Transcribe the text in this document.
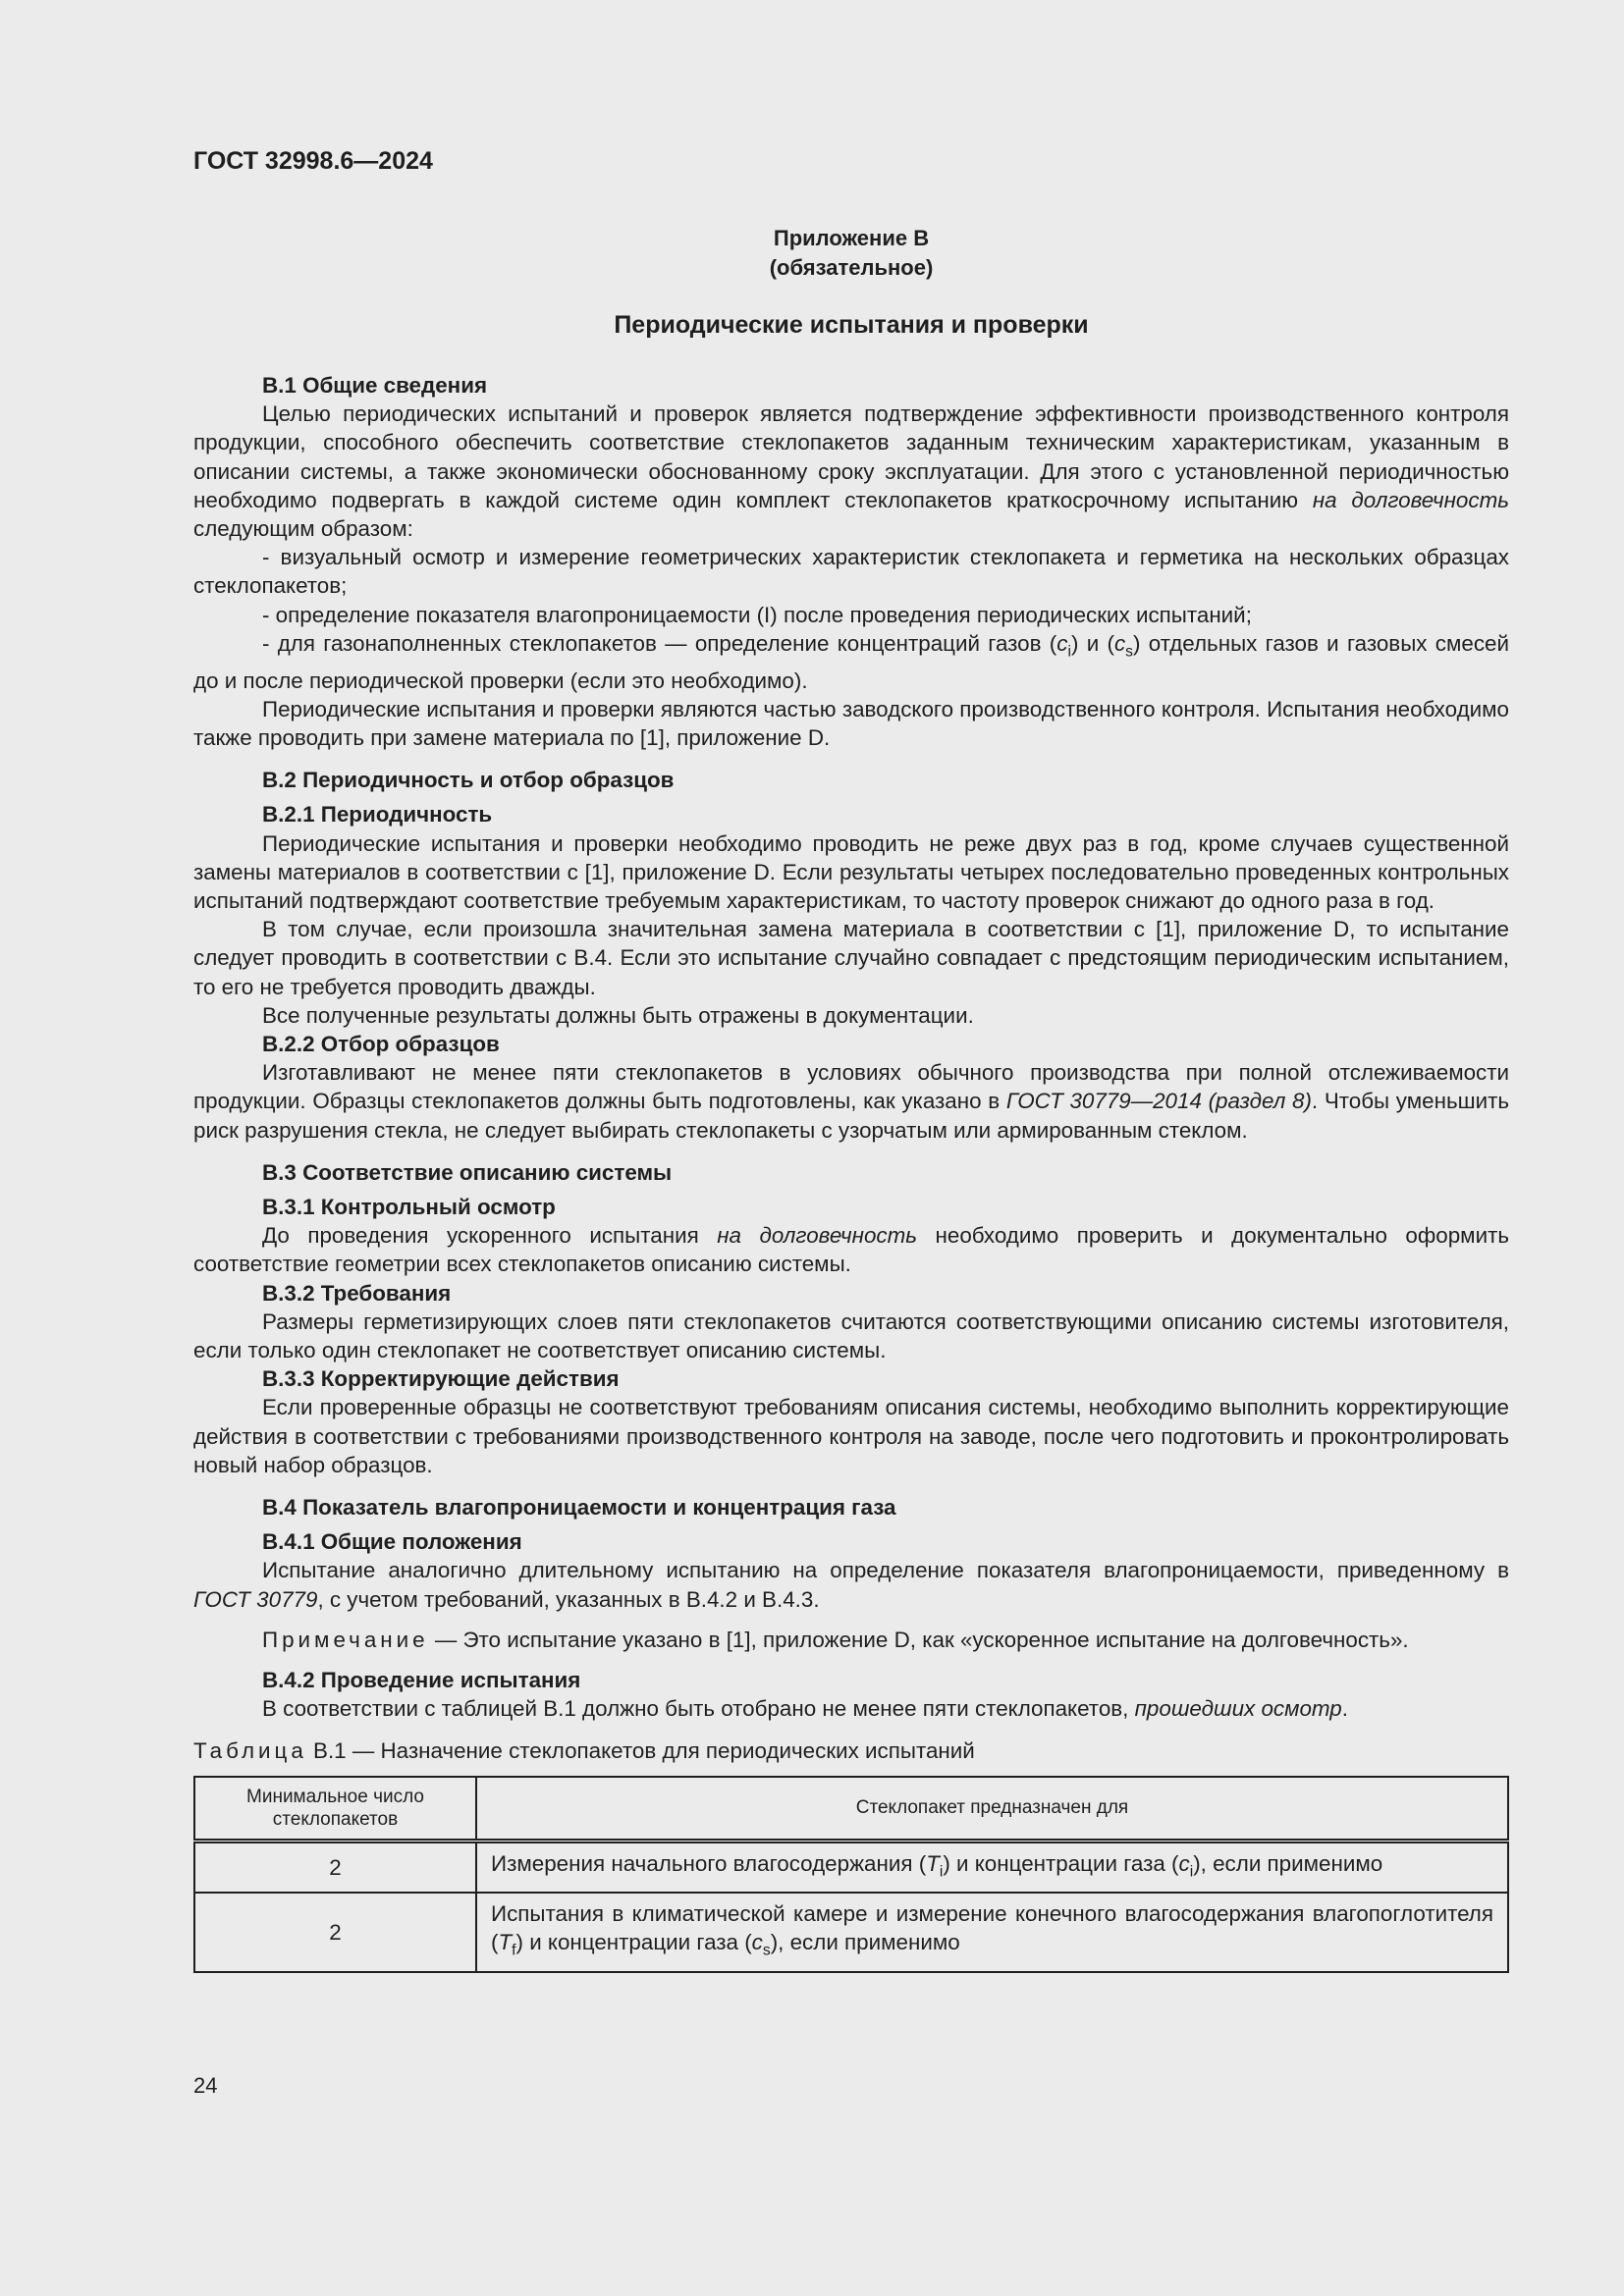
ГОСТ 32998.6—2024
Приложение В
(обязательное)
Периодические испытания и проверки
В.1 Общие сведения

Целью периодических испытаний и проверок является подтверждение эффективности производственного контроля продукции, способного обеспечить соответствие стеклопакетов заданным техническим характеристикам, указанным в описании системы, а также экономически обоснованному сроку эксплуатации. Для этого с установленной периодичностью необходимо подвергать в каждой системе один комплект стеклопакетов краткосрочному испытанию на долговечность следующим образом:

- визуальный осмотр и измерение геометрических характеристик стеклопакета и герметика на нескольких образцах стеклопакетов;

- определение показателя влагопроницаемости (I) после проведения периодических испытаний;

- для газонаполненных стеклопакетов — определение концентраций газов $(c_i)$ и $(c_s)$ отдельных газов и газовых смесей до и после периодической проверки (если это необходимо).

Периодические испытания и проверки являются частью заводского производственного контроля. Испытания необходимо также проводить при замене материала по [1], приложение D.

В.2 Периодичность и отбор образцов
В.2.1 Периодичность

Периодические испытания и проверки необходимо проводить не реже двух раз в год, кроме случаев существенной замены материалов в соответствии с [1], приложение D. Если результаты четырех последовательно проведенных контрольных испытаний подтверждают соответствие требуемым характеристикам, то частоту проверок снижают до одного раза в год.

В том случае, если произошла значительная замена материала в соответствии с [1], приложение D, то испытание следует проводить в соответствии с В.4. Если это испытание случайно совпадает с предстоящим периодическим испытанием, то его не требуется проводить дважды.

Все полученные результаты должны быть отражены в документации.

В.2.2 Отбор образцов

Изготавливают не менее пяти стеклопакетов в условиях обычного производства при полной отслеживаемости продукции. Образцы стеклопакетов должны быть подготовлены, как указано в ГОСТ 30779—2014 (раздел 8). Чтобы уменьшить риск разрушения стекла, не следует выбирать стеклопакеты с узорчатым или армированным стеклом.

В.3 Соответствие описанию системы
В.3.1 Контрольный осмотр

До проведения ускоренного испытания на долговечность необходимо проверить и документально оформить соответствие геометрии всех стеклопакетов описанию системы.

В.3.2 Требования

Размеры герметизирующих слоев пяти стеклопакетов считаются соответствующими описанию системы изготовителя, если только один стеклопакет не соответствует описанию системы.

В.3.3 Корректирующие действия

Если проверенные образцы не соответствуют требованиям описания системы, необходимо выполнить корректирующие действия в соответствии с требованиями производственного контроля на заводе, после чего подготовить и проконтролировать новый набор образцов.

В.4 Показатель влагопроницаемости и концентрация газа
В.4.1 Общие положения

Испытание аналогично длительному испытанию на определение показателя влагопроницаемости, приведенному в ГОСТ 30779, с учетом требований, указанных в В.4.2 и В.4.3.

Примечание — Это испытание указано в [1], приложение D, как «ускоренное испытание на долговечность».

В.4.2 Проведение испытания

В соответствии с таблицей В.1 должно быть отобрано не менее пяти стеклопакетов, прошедших осмотр.

Таблица В.1 — Назначение стеклопакетов для периодических испытаний
Минимальное число стеклопакетов	Стеклопакет предназначен для
2	Измерения начального влагосодержания $(T_i)$ и концентрации газа $(c_i)$, если применимо
2	Испытания в климатической камере и измерение конечного влагосодержания влагопоглотителя $(T_f)$ и концентрации газа $(c_s)$, если применимо
24
